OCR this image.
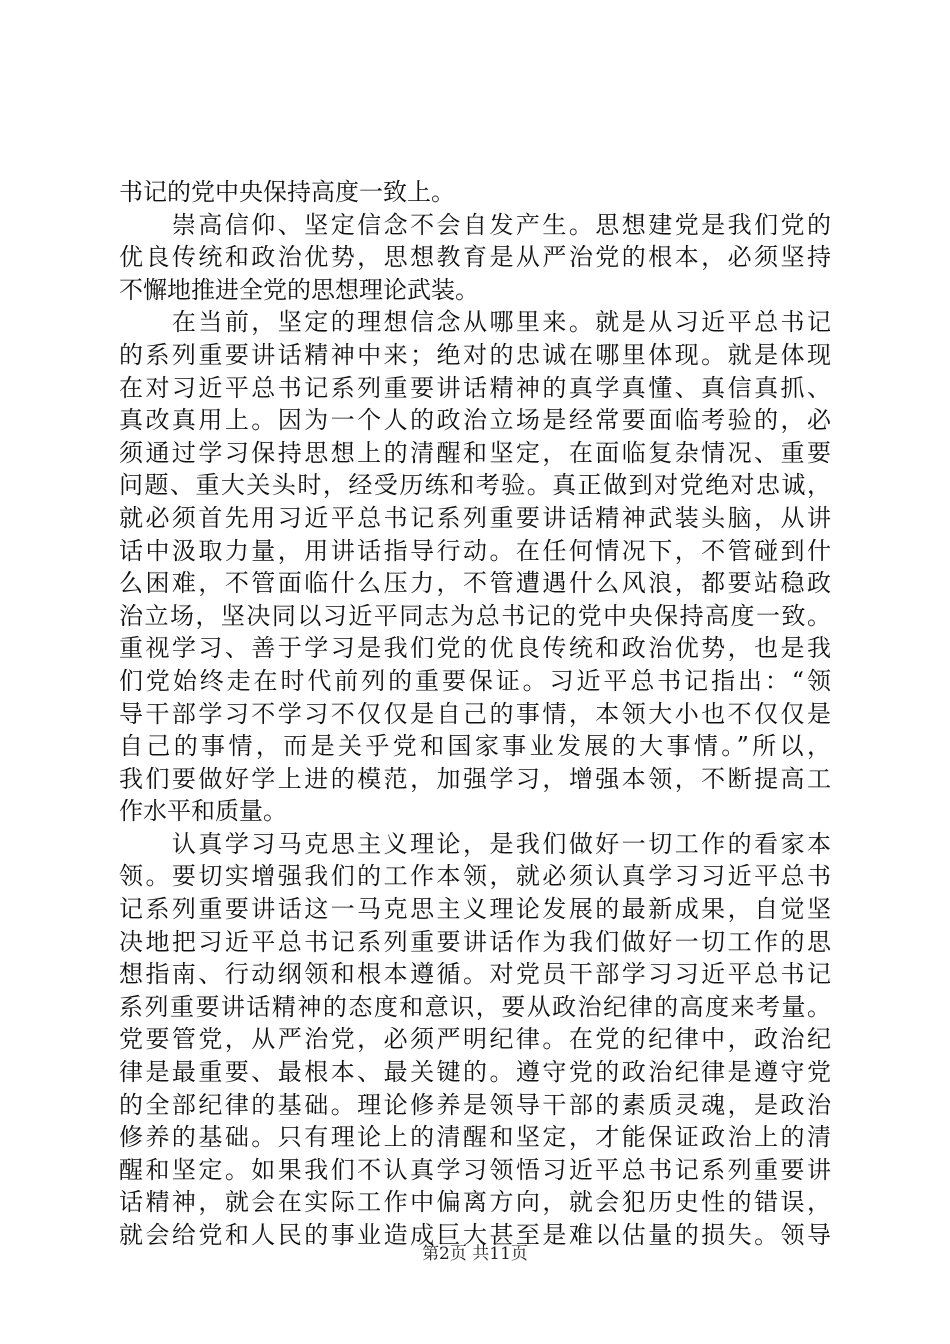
书记的党中央保持高度一致上。
　　崇高信仰、坚定信念不会自发产生。思想建党是我们党的
优良传统和政治优势，思想教育是从严治党的根本，必须坚持
不懈地推进全党的思想理论武装。
　　在当前，坚定的理想信念从哪里来。就是从习近平总书记
的系列重要讲话精神中来；绝对的忠诚在哪里体现。就是体现
在对习近平总书记系列重要讲话精神的真学真懂、真信真抓、
真改真用上。因为一个人的政治立场是经常要面临考验的，必
须通过学习保持思想上的清醒和坚定，在面临复杂情况、重要
问题、重大关头时，经受历练和考验。真正做到对党绝对忠诚，
就必须首先用习近平总书记系列重要讲话精神武装头脑，从讲
话中汲取力量，用讲话指导行动。在任何情况下，不管碰到什
么困难，不管面临什么压力，不管遭遇什么风浪，都要站稳政
治立场，坚决同以习近平同志为总书记的党中央保持高度一致。
重视学习、善于学习是我们党的优良传统和政治优势，也是我
们党始终走在时代前列的重要保证。习近平总书记指出：“领
导干部学习不学习不仅仅是自己的事情，本领大小也不仅仅是
自己的事情，而是关乎党和国家事业发展的大事情。”所以，
我们要做好学上进的模范，加强学习，增强本领，不断提高工
作水平和质量。
　　认真学习马克思主义理论，是我们做好一切工作的看家本
领。要切实增强我们的工作本领，就必须认真学习习近平总书
记系列重要讲话这一马克思主义理论发展的最新成果，自觉坚
决地把习近平总书记系列重要讲话作为我们做好一切工作的思
想指南、行动纲领和根本遵循。对党员干部学习习近平总书记
系列重要讲话精神的态度和意识，要从政治纪律的高度来考量。
党要管党，从严治党，必须严明纪律。在党的纪律中，政治纪
律是最重要、最根本、最关键的。遵守党的政治纪律是遵守党
的全部纪律的基础。理论修养是领导干部的素质灵魂，是政治
修养的基础。只有理论上的清醒和坚定，才能保证政治上的清
醒和坚定。如果我们不认真学习领悟习近平总书记系列重要讲
话精神，就会在实际工作中偏离方向，就会犯历史性的错误，
就会给党和人民的事业造成巨大甚至是难以估量的损失。领导
第2页 共11页
